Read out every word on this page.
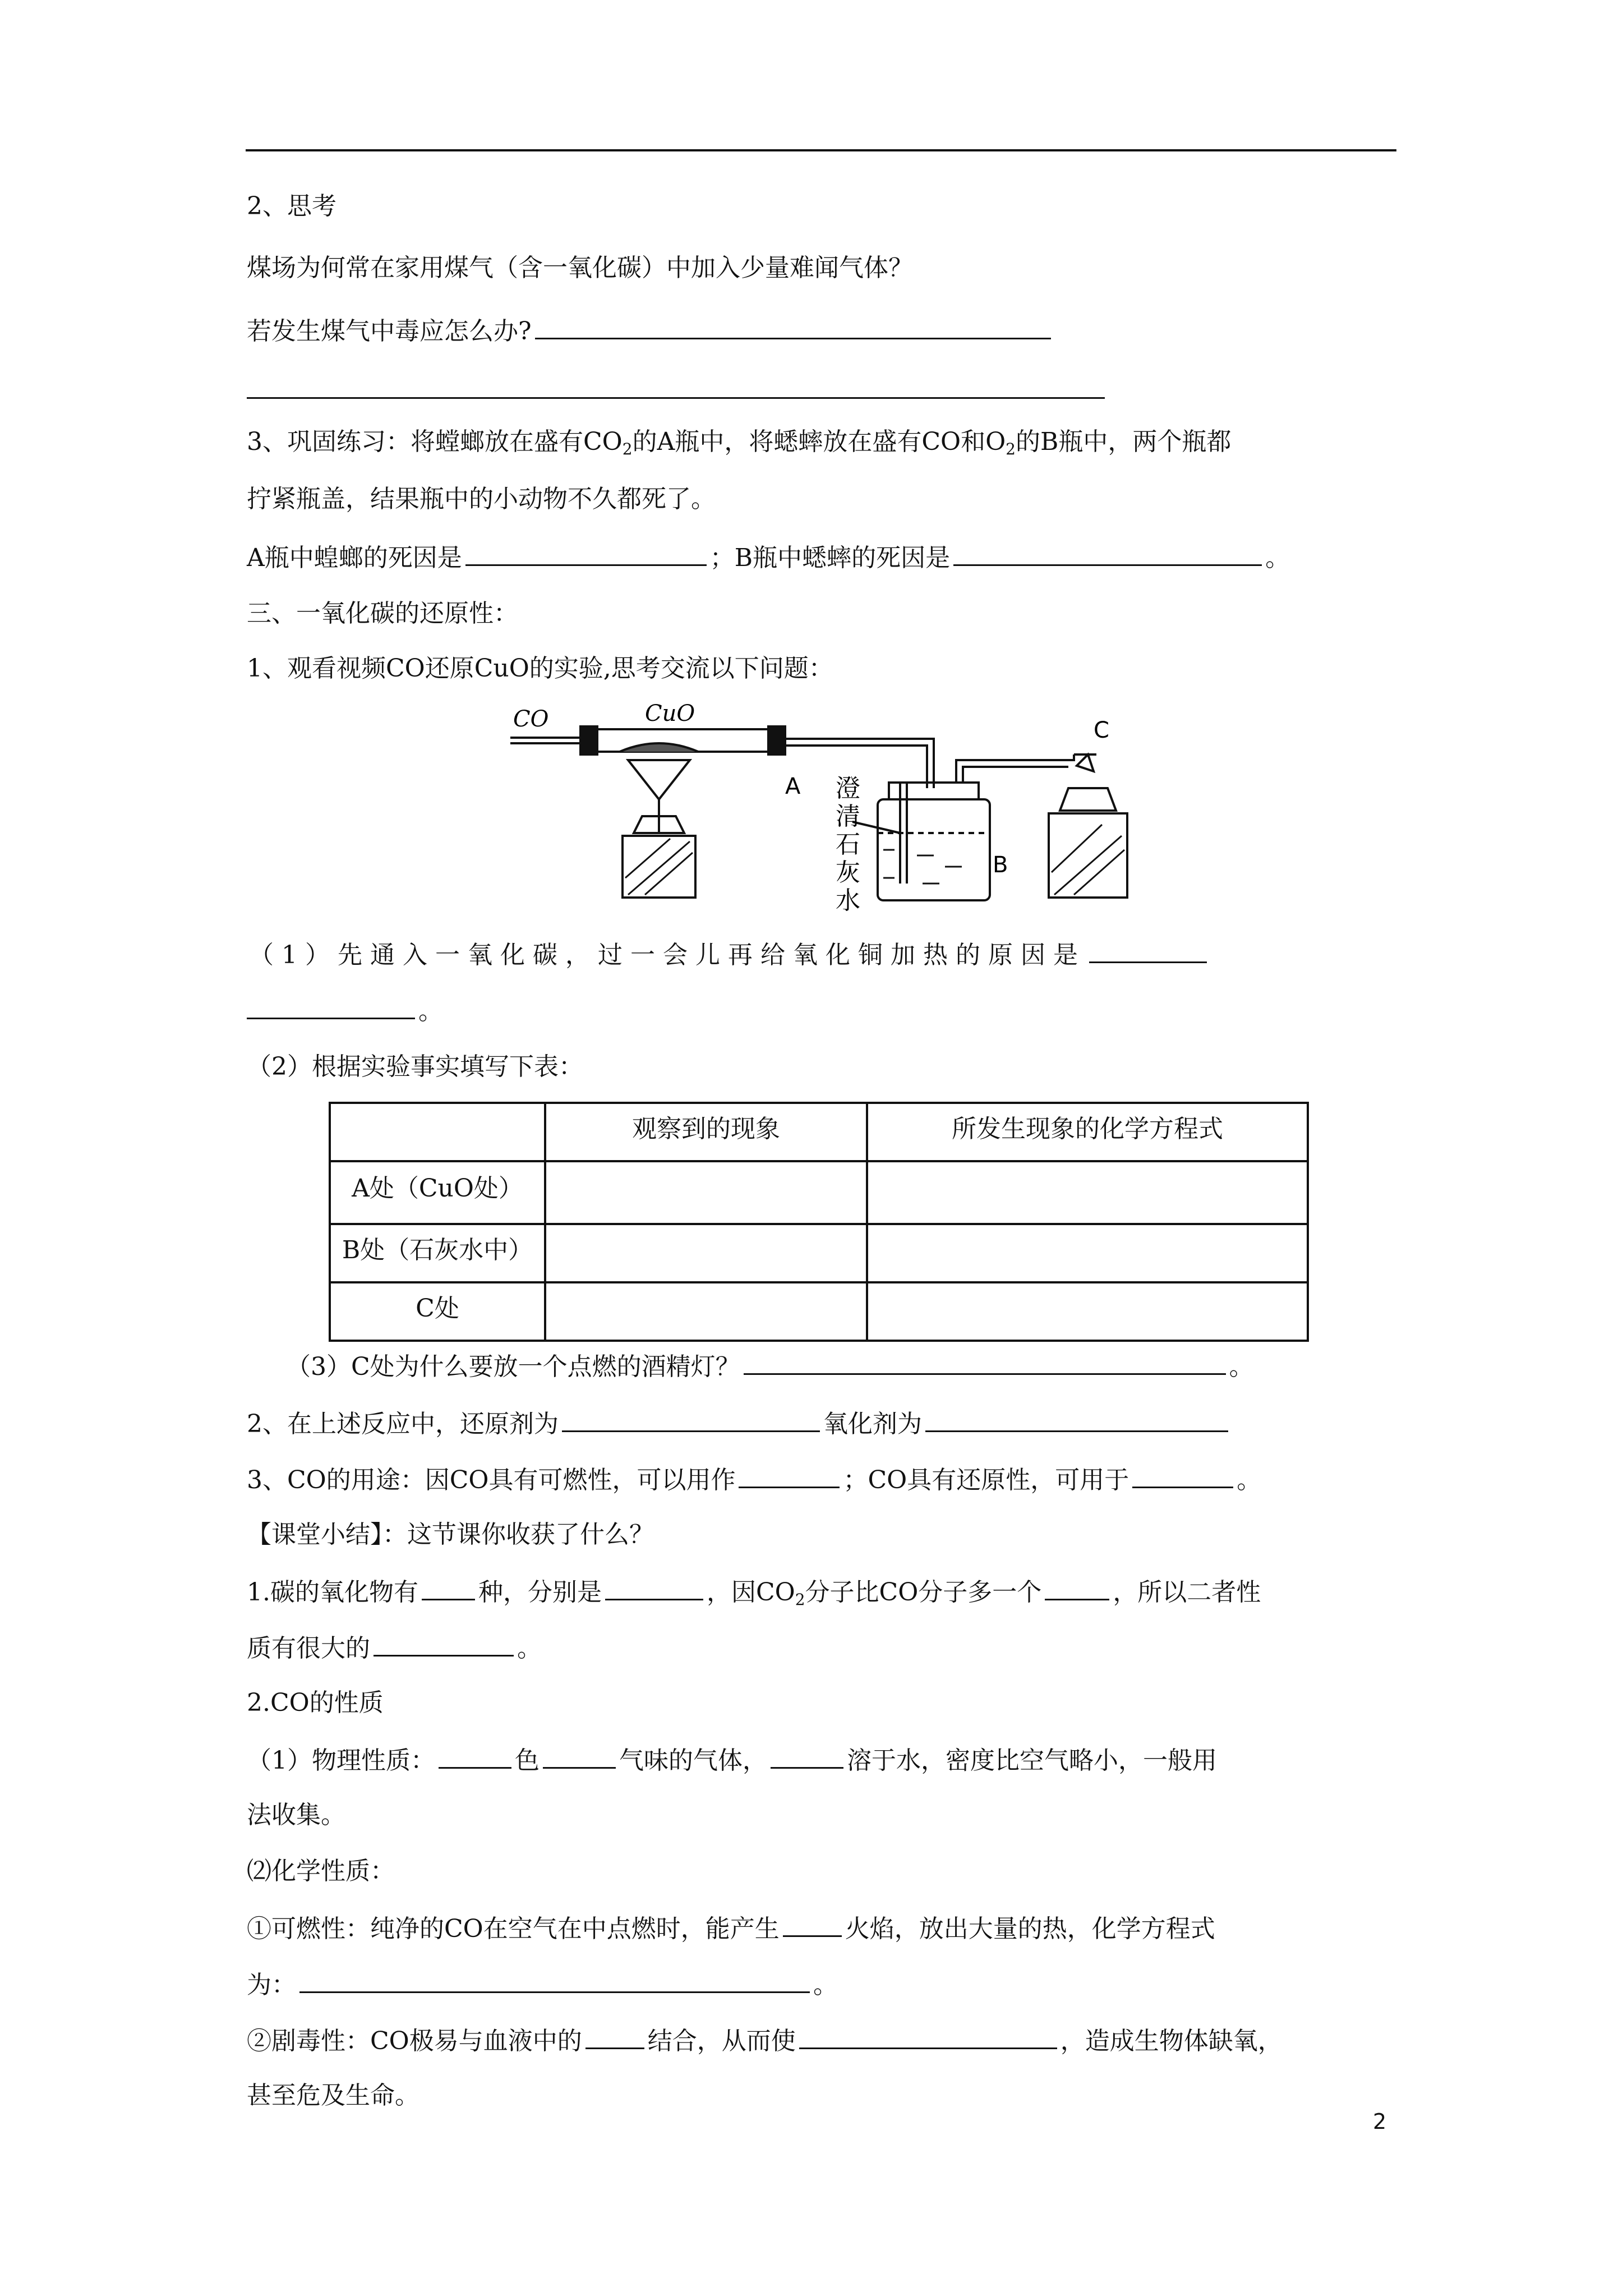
2、思考
煤场为何常在家用煤气（含一氧化碳）中加入少量难闻气体？
若发生煤气中毒应怎么办?
3、巩固练习：将螳螂放在盛有$CO_2$的A瓶中，将蟋蟀放在盛有CO和$O_2$的B瓶中，两个瓶都
拧紧瓶盖，结果瓶中的小动物不久都死了。
A瓶中蝗螂的死因是	；B瓶中蟋蟀的死因是	。
三、一氧化碳的还原性：
1、观看视频CO还原CuO的实验,思考交流以下问题：
CO	CuO
A
B
C
澄
清
石
灰
水
（1）先通入一氧化碳，过一会儿再给氧化铜加热的原因是
。
（2）根据实验事实填写下表：
	观察到的现象	所发生现象的化学方程式
A处（CuO处）		
B处（石灰水中）		
C处		
（3）C处为什么要放一个点燃的酒精灯？	。
2、在上述反应中，还原剂为	氧化剂为
3、CO的用途：因CO具有可燃性，可以用作	；CO具有还原性，可用于	。
【课堂小结】：这节课你收获了什么？
1.碳的氧化物有 种，分别是	，因$CO_2$分子比CO分子多一个	，所以二者性
质有很大的	。
2.CO的性质
（1）物理性质：	色	气味的气体，	溶于水，密度比空气略小，一般用
法收集。
⑵化学性质：
①可燃性：纯净的CO在空气在中点燃时，能产生	火焰，放出大量的热，化学方程式
为：	。
②剧毒性：CO极易与血液中的	结合，从而使	，造成生物体缺氧，
甚至危及生命。
2
